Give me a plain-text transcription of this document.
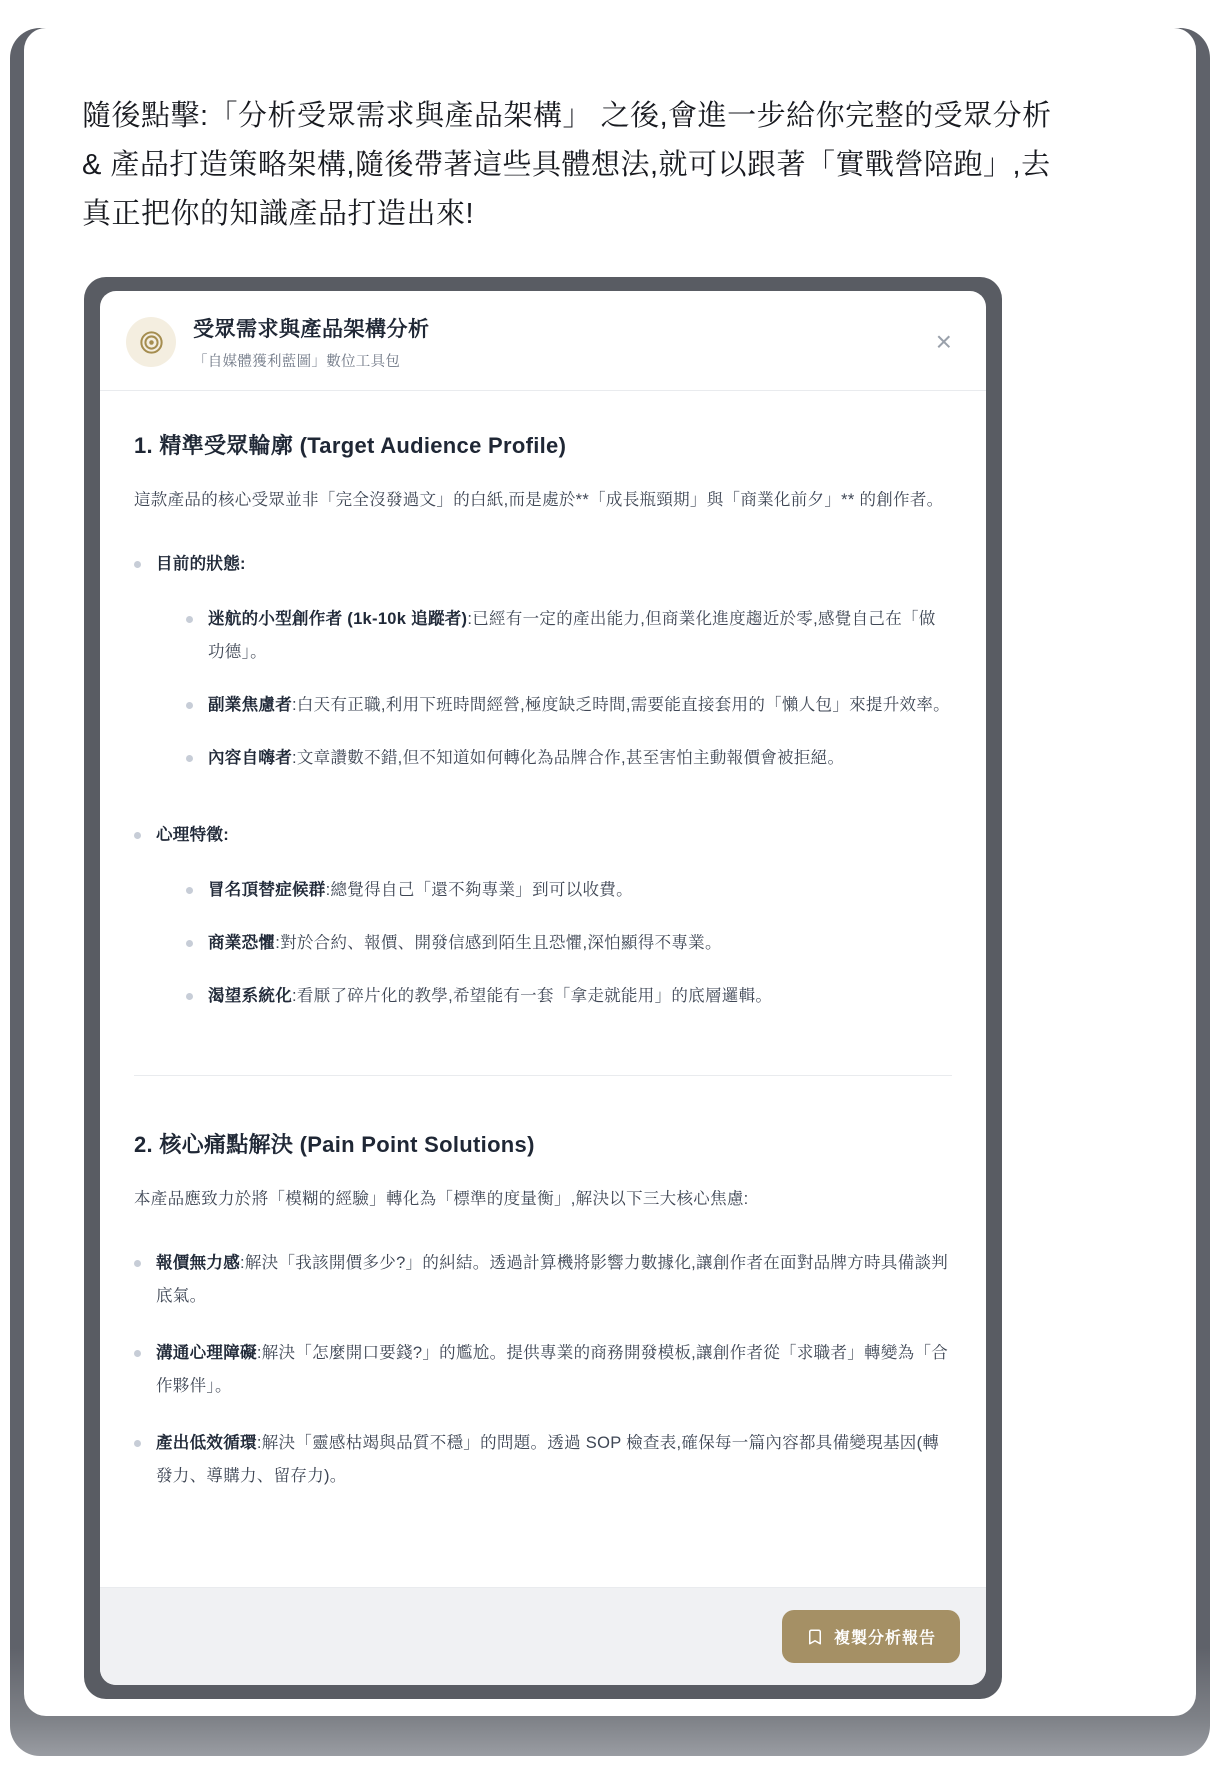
隨後點擊:「分析受眾需求與產品架構」 之後,會進一步給你完整的受眾分析 & 產品打造策略架構,隨後帶著這些具體想法,就可以跟著「實戰營陪跑」,去真正把你的知識產品打造出來!
受眾需求與產品架構分析
「自媒體獲利藍圖」數位工具包
×
1. 精準受眾輪廓 (Target Audience Profile)

這款產品的核心受眾並非「完全沒發過文」的白紙,而是處於**「成長瓶頸期」與「商業化前夕」** 的創作者。

目前的狀態:
迷航的小型創作者 (1k-10k 追蹤者):已經有一定的產出能力,但商業化進度趨近於零,感覺自己在「做功德」。
副業焦慮者:白天有正職,利用下班時間經營,極度缺乏時間,需要能直接套用的「懶人包」來提升效率。
內容自嗨者:文章讚數不錯,但不知道如何轉化為品牌合作,甚至害怕主動報價會被拒絕。
心理特徵:
冒名頂替症候群:總覺得自己「還不夠專業」到可以收費。
商業恐懼:對於合約、報價、開發信感到陌生且恐懼,深怕顯得不專業。
渴望系統化:看厭了碎片化的教學,希望能有一套「拿走就能用」的底層邏輯。
2. 核心痛點解決 (Pain Point Solutions)

本產品應致力於將「模糊的經驗」轉化為「標準的度量衡」,解決以下三大核心焦慮:

報價無力感:解決「我該開價多少?」的糾結。透過計算機將影響力數據化,讓創作者在面對品牌方時具備談判底氣。
溝通心理障礙:解決「怎麼開口要錢?」的尷尬。提供專業的商務開發模板,讓創作者從「求職者」轉變為「合作夥伴」。
產出低效循環:解決「靈感枯竭與品質不穩」的問題。透過 SOP 檢查表,確保每一篇內容都具備變現基因(轉發力、導購力、留存力)。
複製分析報告
